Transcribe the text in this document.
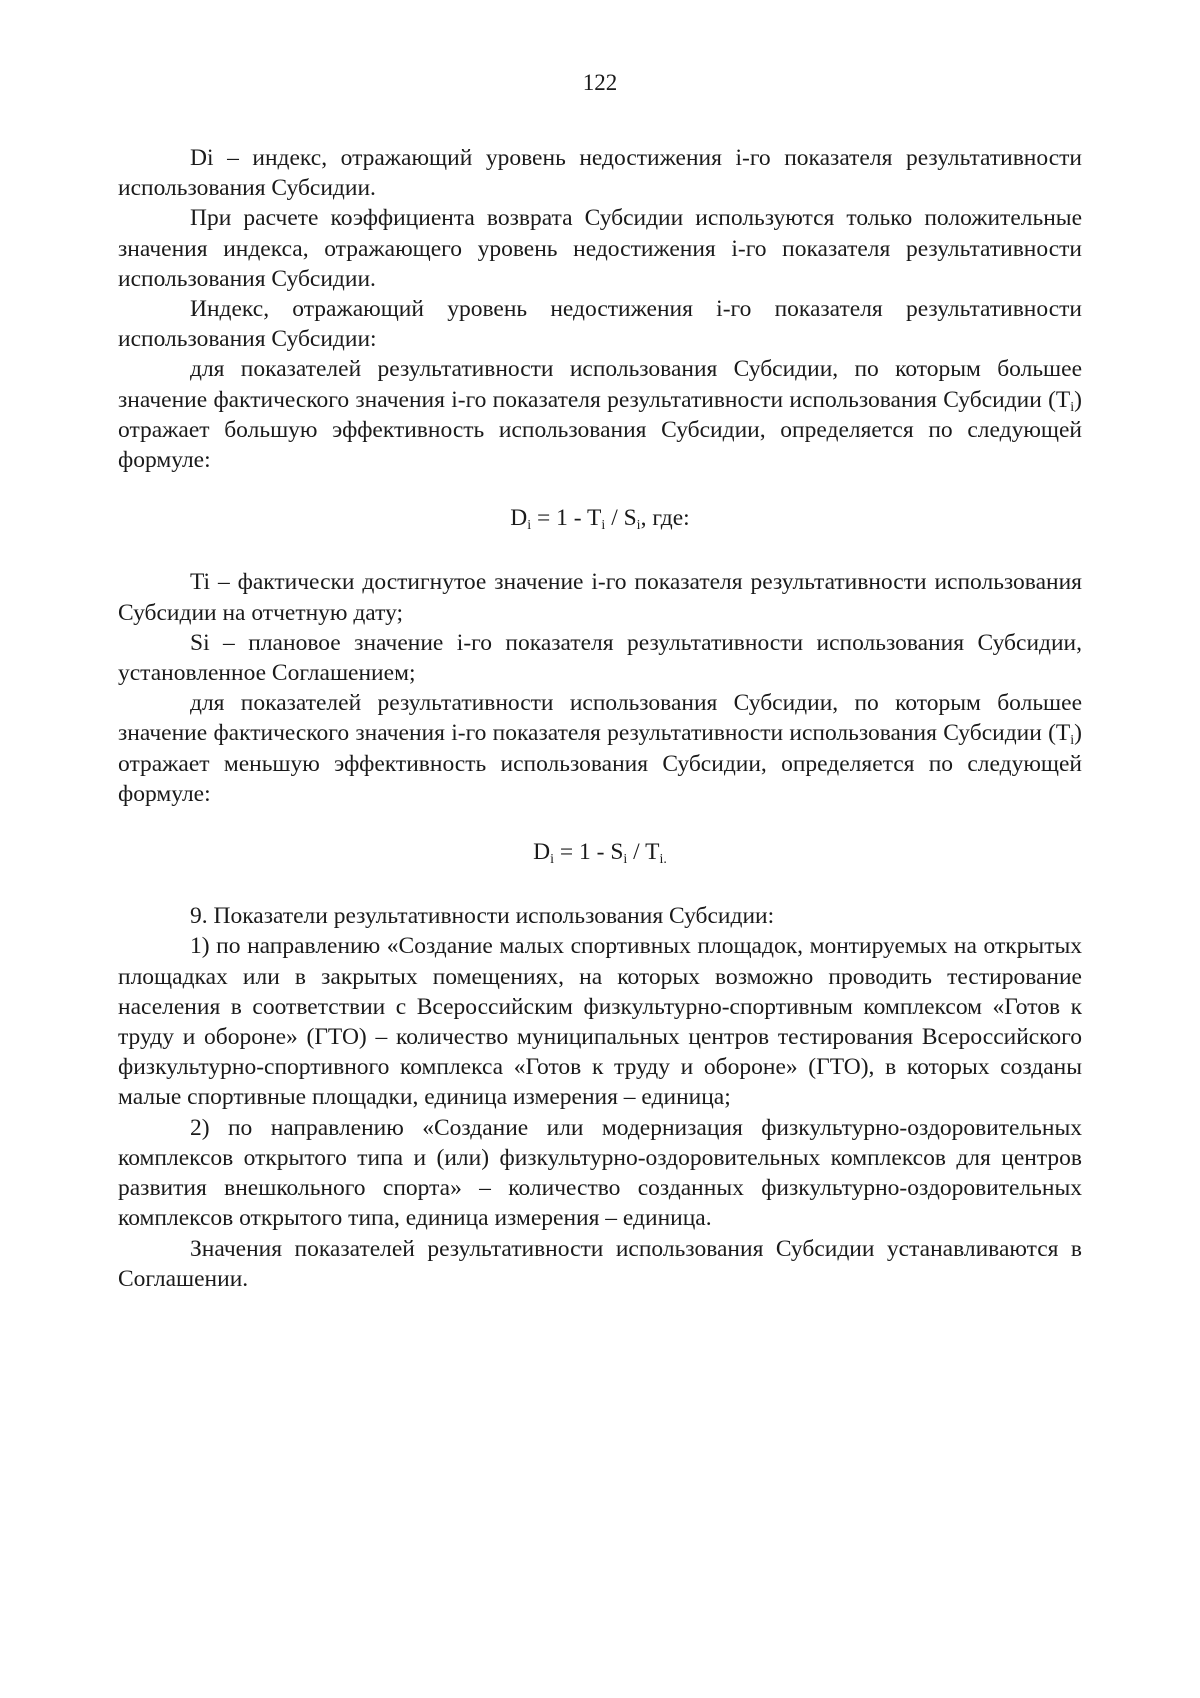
122

Di – индекс, отражающий уровень недостижения i-го показателя результативности использования Субсидии.

При расчете коэффициента возврата Субсидии используются только положительные значения индекса, отражающего уровень недостижения i-го показателя результативности использования Субсидии.

Индекс, отражающий уровень недостижения i-го показателя результативности использования Субсидии:

для показателей результативности использования Субсидии, по которым большее значение фактического значения i-го показателя результативности использования Субсидии $(T_i)$ отражает большую эффективность использования Субсидии, определяется по следующей формуле:

$D_i = 1 - T_i / S_i$, где:

Ti – фактически достигнутое значение i-го показателя результативности использования Субсидии на отчетную дату;

Si – плановое значение i-го показателя результативности использования Субсидии, установленное Соглашением;

для показателей результативности использования Субсидии, по которым большее значение фактического значения i-го показателя результативности использования Субсидии $(T_i)$ отражает меньшую эффективность использования Субсидии, определяется по следующей формуле:

$D_i = 1 - S_i / T_{i.}$

9. Показатели результативности использования Субсидии:

1) по направлению «Создание малых спортивных площадок, монтируемых на открытых площадках или в закрытых помещениях, на которых возможно проводить тестирование населения в соответствии с Всероссийским физкультурно-спортивным комплексом «Готов к труду и обороне» (ГТО) – количество муниципальных центров тестирования Всероссийского физкультурно-спортивного комплекса «Готов к труду и обороне» (ГТО), в которых созданы малые спортивные площадки, единица измерения – единица;

2) по направлению «Создание или модернизация физкультурно-оздоровительных комплексов открытого типа и (или) физкультурно-оздоровительных комплексов для центров развития внешкольного спорта» – количество созданных физкультурно-оздоровительных комплексов открытого типа, единица измерения – единица.

Значения показателей результативности использования Субсидии устанавливаются в Соглашении.
